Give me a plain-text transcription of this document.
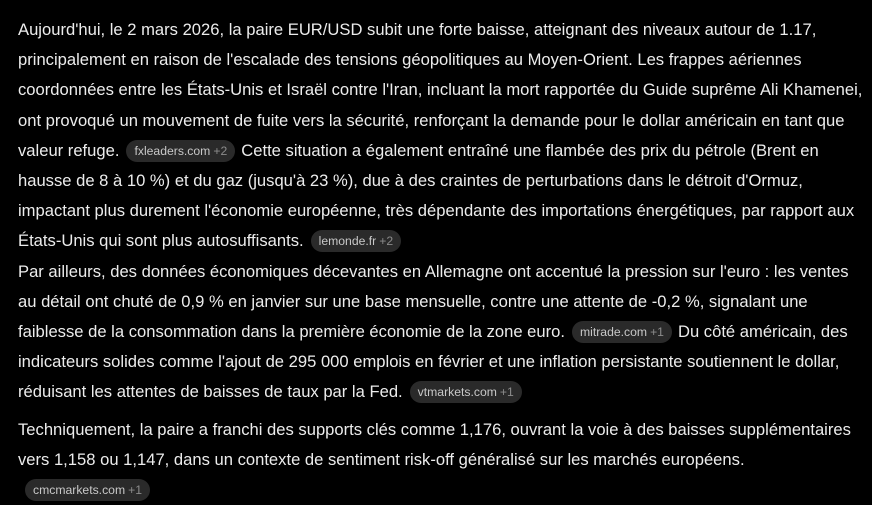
Aujourd'hui, le 2 mars 2026, la paire EUR/USD subit une forte baisse, atteignant des niveaux autour de 1.17, principalement en raison de l'escalade des tensions géopolitiques au Moyen-Orient. Les frappes aériennes coordonnées entre les États-Unis et Israël contre l'Iran, incluant la mort rapportée du Guide suprême Ali Khamenei, ont provoqué un mouvement de fuite vers la sécurité, renforçant la demande pour le dollar américain en tant que valeur refuge. fxleaders.com +2 Cette situation a également entraîné une flambée des prix du pétrole (Brent en hausse de 8 à 10 %) et du gaz (jusqu'à 23 %), due à des craintes de perturbations dans le détroit d'Ormuz, impactant plus durement l'économie européenne, très dépendante des importations énergétiques, par rapport aux États-Unis qui sont plus autosuffisants. lemonde.fr +2
Par ailleurs, des données économiques décevantes en Allemagne ont accentué la pression sur l'euro : les ventes au détail ont chuté de 0,9 % en janvier sur une base mensuelle, contre une attente de -0,2 %, signalant une faiblesse de la consommation dans la première économie de la zone euro. mitrade.com +1 Du côté américain, des indicateurs solides comme l'ajout de 295 000 emplois en février et une inflation persistante soutiennent le dollar, réduisant les attentes de baisses de taux par la Fed. vtmarkets.com +1

Techniquement, la paire a franchi des supports clés comme 1,176, ouvrant la voie à des baisses supplémentaires vers 1,158 ou 1,147, dans un contexte de sentiment risk-off généralisé sur les marchés européens.cmcmarkets.com +1
